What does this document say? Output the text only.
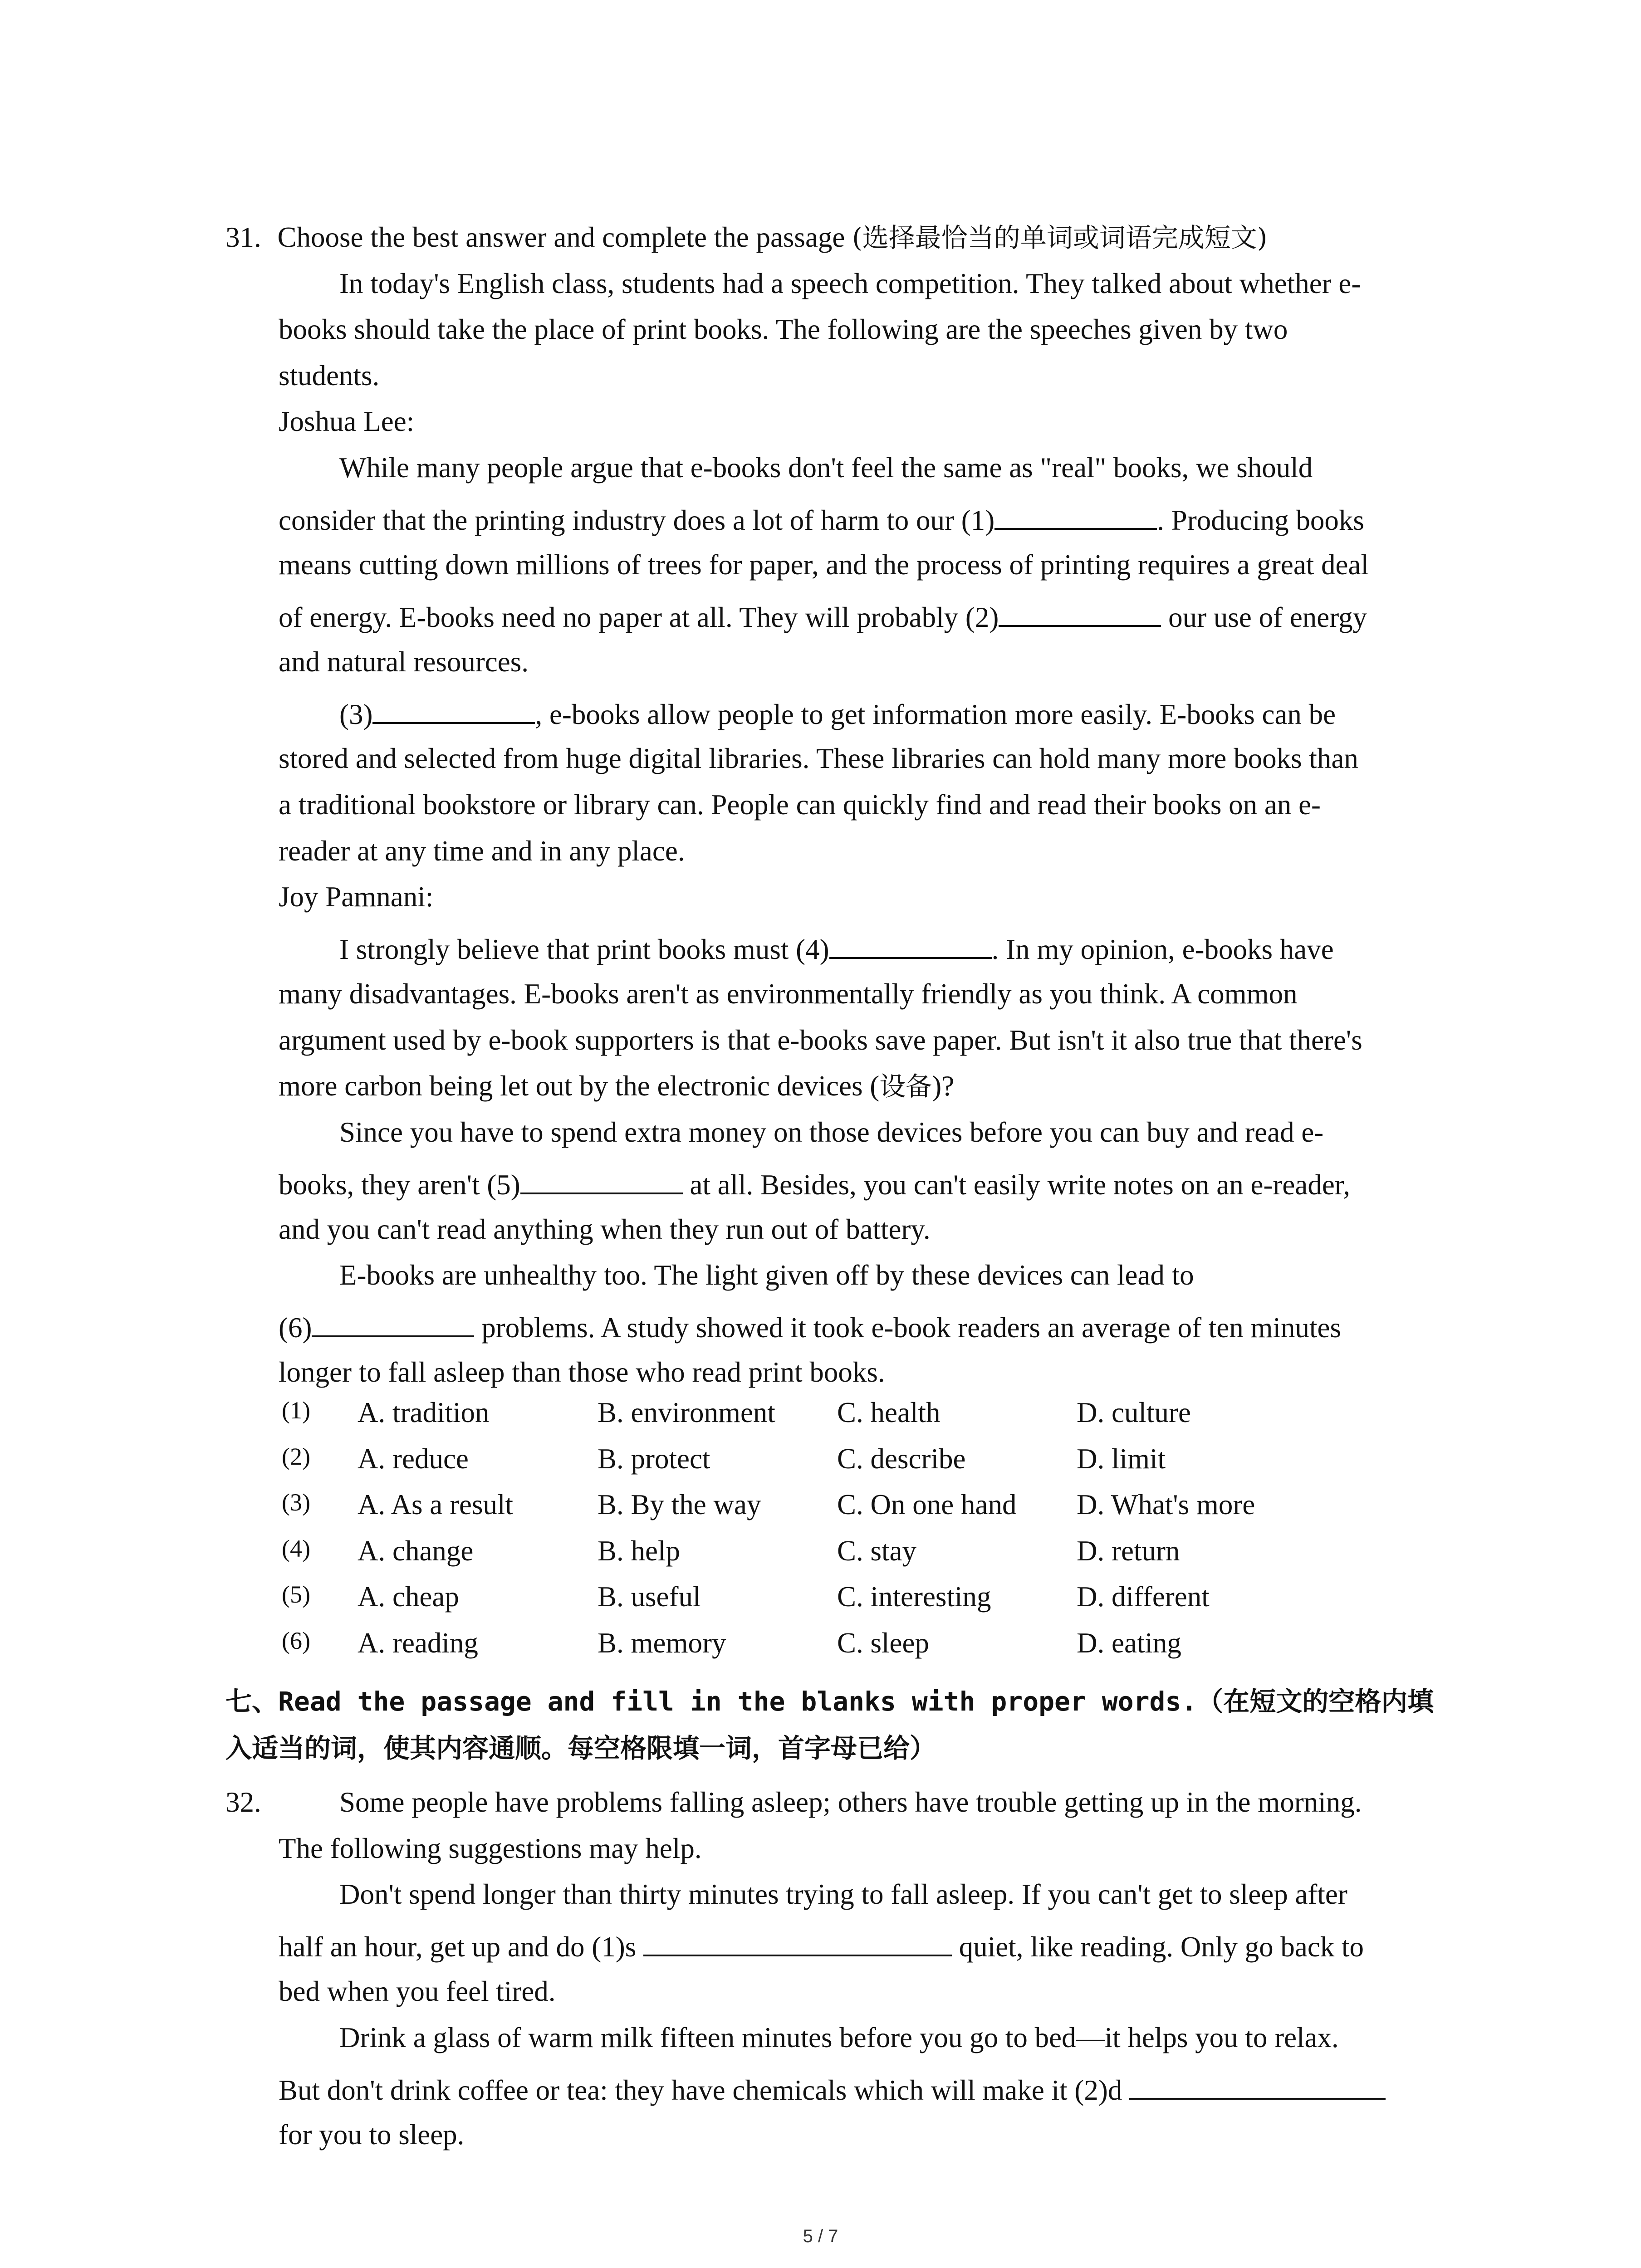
31. Choose the best answer and complete the passage (选择最恰当的单词或词语完成短文)
In today's English class, students had a speech competition. They talked about whether e-
books should take the place of print books. The following are the speeches given by two
students.
Joshua Lee:
While many people argue that e-books don't feel the same as "real" books, we should
consider that the printing industry does a lot of harm to our (1)	. Producing books
means cutting down millions of trees for paper, and the process of printing requires a great deal
of energy. E-books need no paper at all. They will probably (2)	our use of energy
and natural resources.
(3)	, e-books allow people to get information more easily. E-books can be
stored and selected from huge digital libraries. These libraries can hold many more books than
a traditional bookstore or library can. People can quickly find and read their books on an e-
reader at any time and in any place.
Joy Pamnani:
I strongly believe that print books must (4)	. In my opinion, e-books have
many disadvantages. E-books aren't as environmentally friendly as you think. A common
argument used by e-book supporters is that e-books save paper. But isn't it also true that there's
more carbon being let out by the electronic devices (设备)?
Since you have to spend extra money on those devices before you can buy and read e-
books, they aren't (5)	at all. Besides, you can't easily write notes on an e-reader,
and you can't read anything when they run out of battery.
E-books are unhealthy too. The light given off by these devices can lead to
(6)	problems. A study showed it took e-book readers an average of ten minutes
longer to fall asleep than those who read print books.
(1) A. tradition	B. environment C. health	D. culture
(2) A. reduce	B. protect	C. describe	D. limit
(3) A. As a result	B. By the way	C. On one hand D. What's more
(4) A. change	B. help	C. stay	D. return
(5) A. cheap	B. useful	C. interesting	D. different
(6) A. reading	B. memory	C. sleep	D. eating
七、Read the passage and fill in the blanks with proper words.（在短文的空格内填
入适当的词，使其内容通顺。每空格限填一词，首字母已给）
32.	Some people have problems falling asleep; others have trouble getting up in the morning.
The following suggestions may help.
Don't spend longer than thirty minutes trying to fall asleep. If you can't get to sleep after
half an hour, get up and do (1)s	quiet, like reading. Only go back to
bed when you feel tired.
Drink a glass of warm milk fifteen minutes before you go to bed—it helps you to relax.
But don't drink coffee or tea: they have chemicals which will make it (2)d
for you to sleep.
5 / 7
